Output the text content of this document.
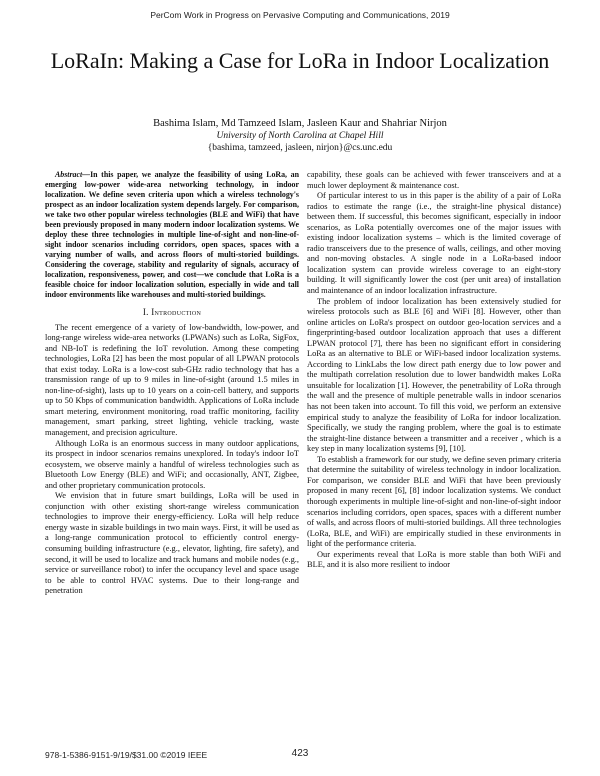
PerCom Work in Progress on Pervasive Computing and Communications, 2019
LoRaIn: Making a Case for LoRa in Indoor Localization
Bashima Islam, Md Tamzeed Islam, Jasleen Kaur and Shahriar Nirjon
University of North Carolina at Chapel Hill
{bashima, tamzeed, jasleen, nirjon}@cs.unc.edu

Abstract—In this paper, we analyze the feasibility of using LoRa, an emerging low-power wide-area networking technology, in indoor localization. We define seven criteria upon which a wireless technology's prospect as an indoor localization system depends largely. For comparison, we take two other popular wireless technologies (BLE and WiFi) that have been previously proposed in many modern indoor localization systems. We deploy these three technologies in multiple line-of-sight and non-line-of-sight indoor scenarios including corridors, open spaces, spaces with a varying number of walls, and across floors of multi-storied buildings. Considering the coverage, stability and regularity of signals, accuracy of localization, responsiveness, power, and cost—we conclude that LoRa is a feasible choice for indoor localization solution, especially in wide and tall indoor environments like warehouses and multi-storied buildings.

I. Introduction

The recent emergence of a variety of low-bandwidth, low-power, and long-range wireless wide-area networks (LPWANs) such as LoRa, SigFox, and NB-IoT is redefining the IoT revolution. Among these competing technologies, LoRa [2] has been the most popular of all LPWAN protocols that exist today. LoRa is a low-cost sub-GHz radio technology that has a transmission range of up to 9 miles in line-of-sight (around 1.5 miles in non-line-of-sight), lasts up to 10 years on a coin-cell battery, and supports up to 50 Kbps of communication bandwidth. Applications of LoRa include smart metering, environment monitoring, road traffic monitoring, facility management, smart parking, street lighting, vehicle tracking, waste management, and precision agriculture.

Although LoRa is an enormous success in many outdoor applications, its prospect in indoor scenarios remains unexplored. In today's indoor IoT ecosystem, we observe mainly a handful of wireless technologies such as Bluetooth Low Energy (BLE) and WiFi; and occasionally, ANT, Zigbee, and other proprietary communication protocols.

We envision that in future smart buildings, LoRa will be used in conjunction with other existing short-range wireless communication technologies to improve their energy-efficiency. LoRa will help reduce energy waste in sizable buildings in two main ways. First, it will be used as a long-range communication protocol to efficiently control energy-consuming building infrastructure (e.g., elevator, lighting, fire safety), and second, it will be used to localize and track humans and mobile nodes (e.g., service or surveillance robot) to infer the occupancy level and space usage to be able to control HVAC systems. Due to their long-range and penetration

capability, these goals can be achieved with fewer transceivers and at a much lower deployment & maintenance cost.

Of particular interest to us in this paper is the ability of a pair of LoRa radios to estimate the range (i.e., the straight-line physical distance) between them. If successful, this becomes significant, especially in indoor scenarios, as LoRa potentially overcomes one of the major issues with existing indoor localization systems – which is the limited coverage of radio transceivers due to the presence of walls, ceilings, and other moving and non-moving obstacles. A single node in a LoRa-based indoor localization system can provide wireless coverage to an eight-story building. It will significantly lower the cost (per unit area) of installation and maintenance of an indoor localization infrastructure.

The problem of indoor localization has been extensively studied for wireless protocols such as BLE [6] and WiFi [8]. However, other than online articles on LoRa's prospect on outdoor geo-location services and a fingerprinting-based outdoor localization approach that uses a different LPWAN protocol [7], there has been no significant effort in considering LoRa as an alternative to BLE or WiFi-based indoor localization systems. According to LinkLabs the low direct path energy due to low power and the multipath correlation resolution due to lower bandwidth makes LoRa unsuitable for localization [1]. However, the penetrability of LoRa through the wall and the presence of multiple penetrable walls in indoor scenarios has not been taken into account. To fill this void, we perform an extensive empirical study to analyze the feasibility of LoRa for indoor localization. Specifically, we study the ranging problem, where the goal is to estimate the straight-line distance between a transmitter and a receiver , which is a key step in many localization systems [9], [10].

To establish a framework for our study, we define seven primary criteria that determine the suitability of wireless technology in indoor localization. For comparison, we consider BLE and WiFi that have been previously proposed in many recent [6], [8] indoor localization systems. We conduct thorough experiments in multiple line-of-sight and non-line-of-sight indoor scenarios including corridors, open spaces, spaces with a different number of walls, and across floors of multi-storied buildings. All three technologies (LoRa, BLE, and WiFi) are empirically studied in these environments in light of the performance criteria.

Our experiments reveal that LoRa is more stable than both WiFi and BLE, and it is also more resilient to indoor

978-1-5386-9151-9/19/$31.00 ©2019 IEEE	423
